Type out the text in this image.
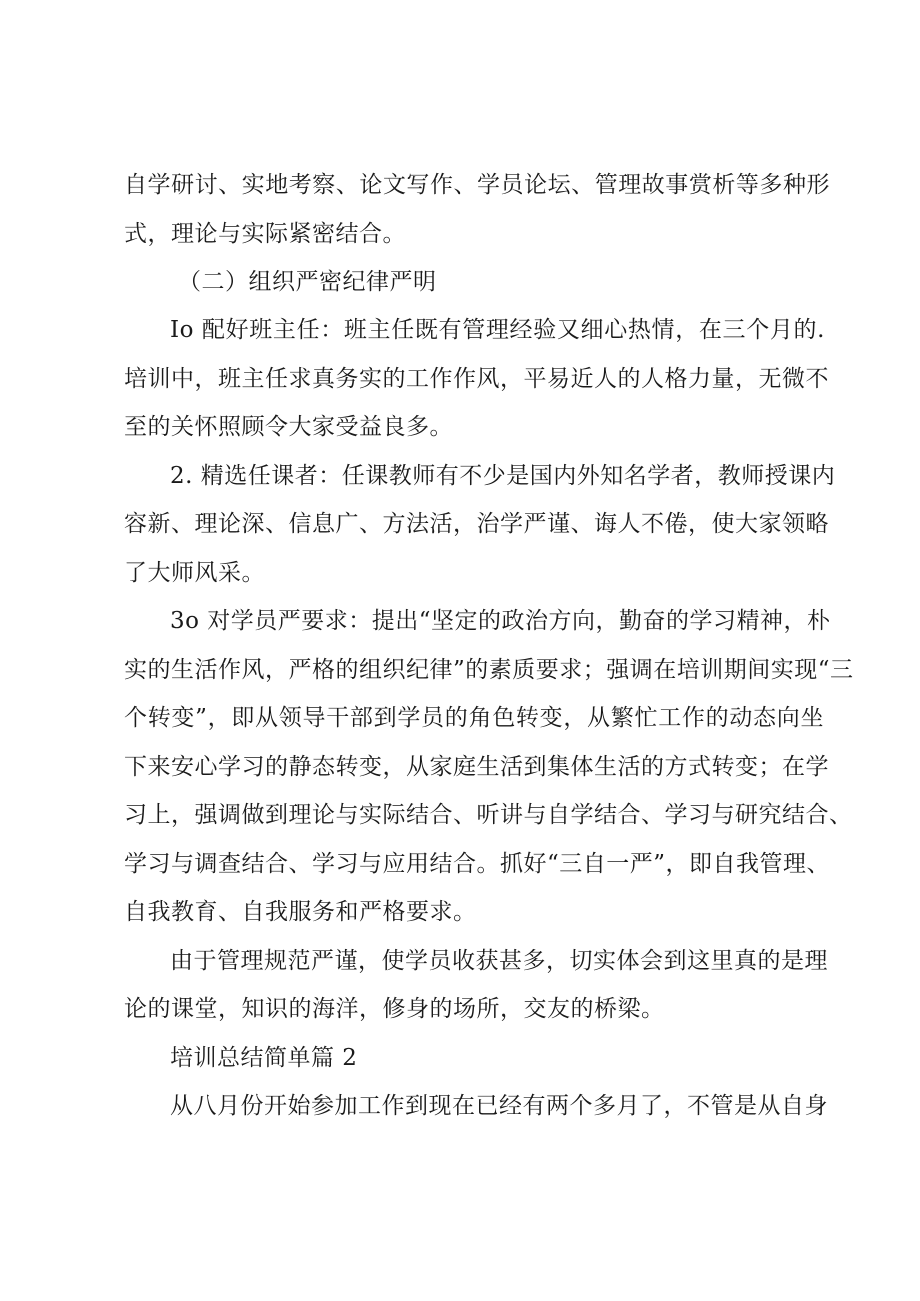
自学研讨、实地考察、论文写作、学员论坛、管理故事赏析等多种形
式，理论与实际紧密结合。
（二）组织严密纪律严明
Io 配好班主任：班主任既有管理经验又细心热情，在三个月的.
培训中，班主任求真务实的工作作风，平易近人的人格力量，无微不
至的关怀照顾令大家受益良多。
2. 精选任课者：任课教师有不少是国内外知名学者，教师授课内
容新、理论深、信息广、方法活，治学严谨、诲人不倦，使大家领略
了大师风采。
3o 对学员严要求：提出“坚定的政治方向，勤奋的学习精神，朴
实的生活作风，严格的组织纪律”的素质要求；强调在培训期间实现“三
个转变”，即从领导干部到学员的角色转变，从繁忙工作的动态向坐
下来安心学习的静态转变，从家庭生活到集体生活的方式转变；在学
习上，强调做到理论与实际结合、听讲与自学结合、学习与研究结合、
学习与调查结合、学习与应用结合。抓好“三自一严”，即自我管理、
自我教育、自我服务和严格要求。
由于管理规范严谨，使学员收获甚多，切实体会到这里真的是理
论的课堂，知识的海洋，修身的场所，交友的桥梁。
培训总结简单篇 2
从八月份开始参加工作到现在已经有两个多月了，不管是从自身
